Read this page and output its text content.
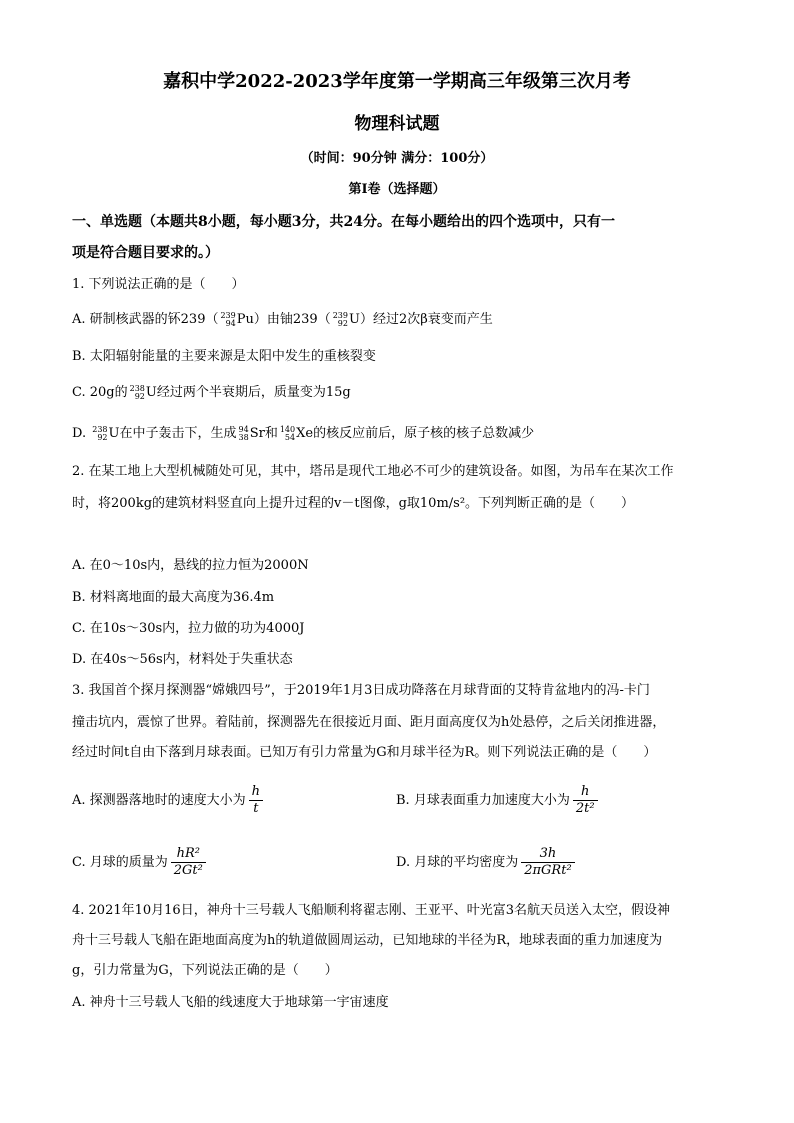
嘉积中学2022-2023学年度第一学期高三年级第三次月考
物理科试题
（时间：90分钟 满分：100分）
第Ⅰ卷（选择题）
一、单选题（本题共8小题，每小题3分，共24分。在每小题给出的四个选项中，只有一
项是符合题目要求的。）
1. 下列说法正确的是（　　）
A. 研制核武器的钚239（ 239
94 Pu）由铀239（ 239
92 U）经过2次β衰变而产生
B. 太阳辐射能量的主要来源是太阳中发生的重核裂变
C. 20g的 238
92 U经过两个半衰期后，质量变为15g
D. 238
92 U在中子轰击下，生成 94
38 Sr和 140
54 Xe的核反应前后，原子核的核子总数减少
2. 在某工地上大型机械随处可见，其中，塔吊是现代工地必不可少的建筑设备。如图，为吊车在某次工作
时，将200kg的建筑材料竖直向上提升过程的v－t图像，g取10m/s²。下列判断正确的是（　　）
A. 在0～10s内，悬线的拉力恒为2000N
B. 材料离地面的最大高度为36.4m
C. 在10s～30s内，拉力做的功为4000J
D. 在40s～56s内，材料处于失重状态
3. 我国首个探月探测器“嫦娥四号”，于2019年1月3日成功降落在月球背面的艾特肯盆地内的冯-卡门
撞击坑内，震惊了世界。着陆前，探测器先在很接近月面、距月面高度仅为h处悬停，之后关闭推进器，
经过时间t自由下落到月球表面。已知万有引力常量为G和月球半径为R。则下列说法正确的是（　　）
A. 探测器落地时的速度大小为 $\frac{h}{t}$	B. 月球表面重力加速度大小为 $\frac{h}{\text{2t²}}$
C. 月球的质量为 $\frac{\text{hR²}}{\text{2Gt²}}$	D. 月球的平均密度为 $\frac{3h}{\text{2πGRt²}}$
4. 2021年10月16日，神舟十三号载人飞船顺利将翟志刚、王亚平、叶光富3名航天员送入太空，假设神
舟十三号载人飞船在距地面高度为h的轨道做圆周运动，已知地球的半径为R，地球表面的重力加速度为
g，引力常量为G，下列说法正确的是（　　）
A. 神舟十三号载人飞船的线速度大于地球第一宇宙速度
